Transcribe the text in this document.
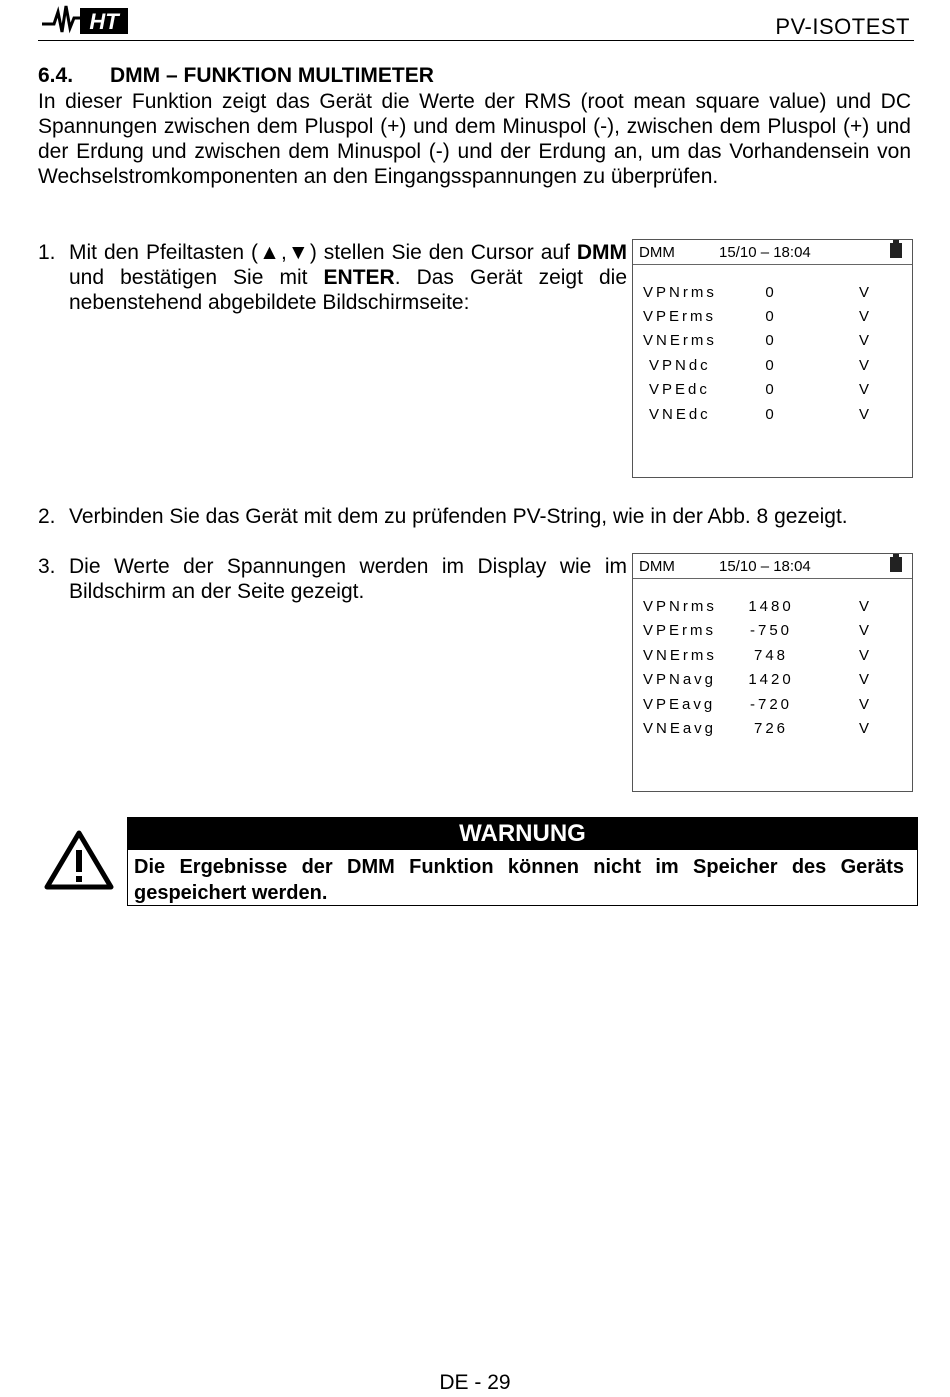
HT	PV-ISOTEST
6.4. DMM – FUNKTION MULTIMETER
In dieser Funktion zeigt das Gerät die Werte der RMS (root mean square value) und DC Spannungen zwischen dem Pluspol (+) und dem Minuspol (-), zwischen dem Pluspol (+) und der Erdung und zwischen dem Minuspol (-) und der Erdung an, um das Vorhandensein von Wechselstromkomponenten an den Eingangsspannungen zu überprüfen.
1. Mit den Pfeiltasten (▲,▼) stellen Sie den Cursor auf DMM und bestätigen Sie mit ENTER. Das Gerät zeigt die nebenstehend abgebildete Bildschirmseite:
DMM	15/10 – 18:04
VPNrms	0	V
VPErms	0	V
VNErms	0	V
VPNdc	0	V
VPEdc	0	V
VNEdc	0	V
2. Verbinden Sie das Gerät mit dem zu prüfenden PV-String, wie in der Abb. 8 gezeigt.
3. Die Werte der Spannungen werden im Display wie im Bildschirm an der Seite gezeigt.
DMM	15/10 – 18:04
VPNrms	1480	V
VPErms	-750	V
VNErms	748	V
VPNavg	1420	V
VPEavg	-720	V
VNEavg	726	V
WARNUNG
Die Ergebnisse der DMM Funktion können nicht im Speicher des Geräts gespeichert werden.
DE - 29
